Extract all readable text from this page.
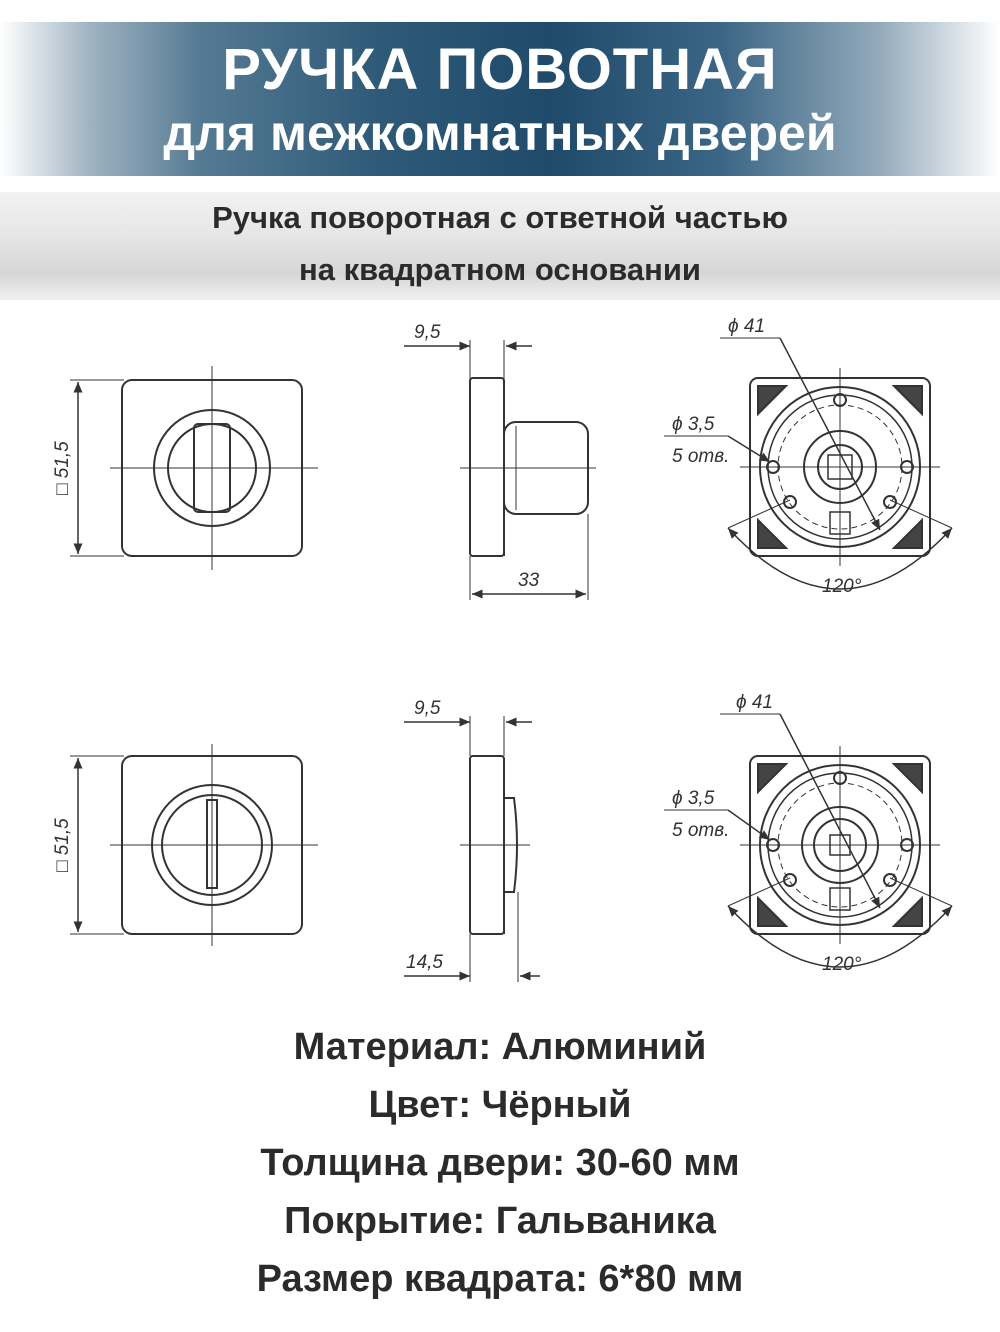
РУЧКА ПОВОТНАЯ
для межкомнатных дверей
Ручка поворотная с ответной частью
на квадратном основании
□ 51,5
9,5
33
ϕ 41
ϕ 3,5
5 отв.
120°
□ 51,5
9,5
14,5
ϕ 41
ϕ 3,5
5 отв.
120°
Материал: Алюминий
Цвет: Чёрный
Толщина двери: 30-60 мм
Покрытие: Гальваника
Размер квадрата: 6*80 мм
